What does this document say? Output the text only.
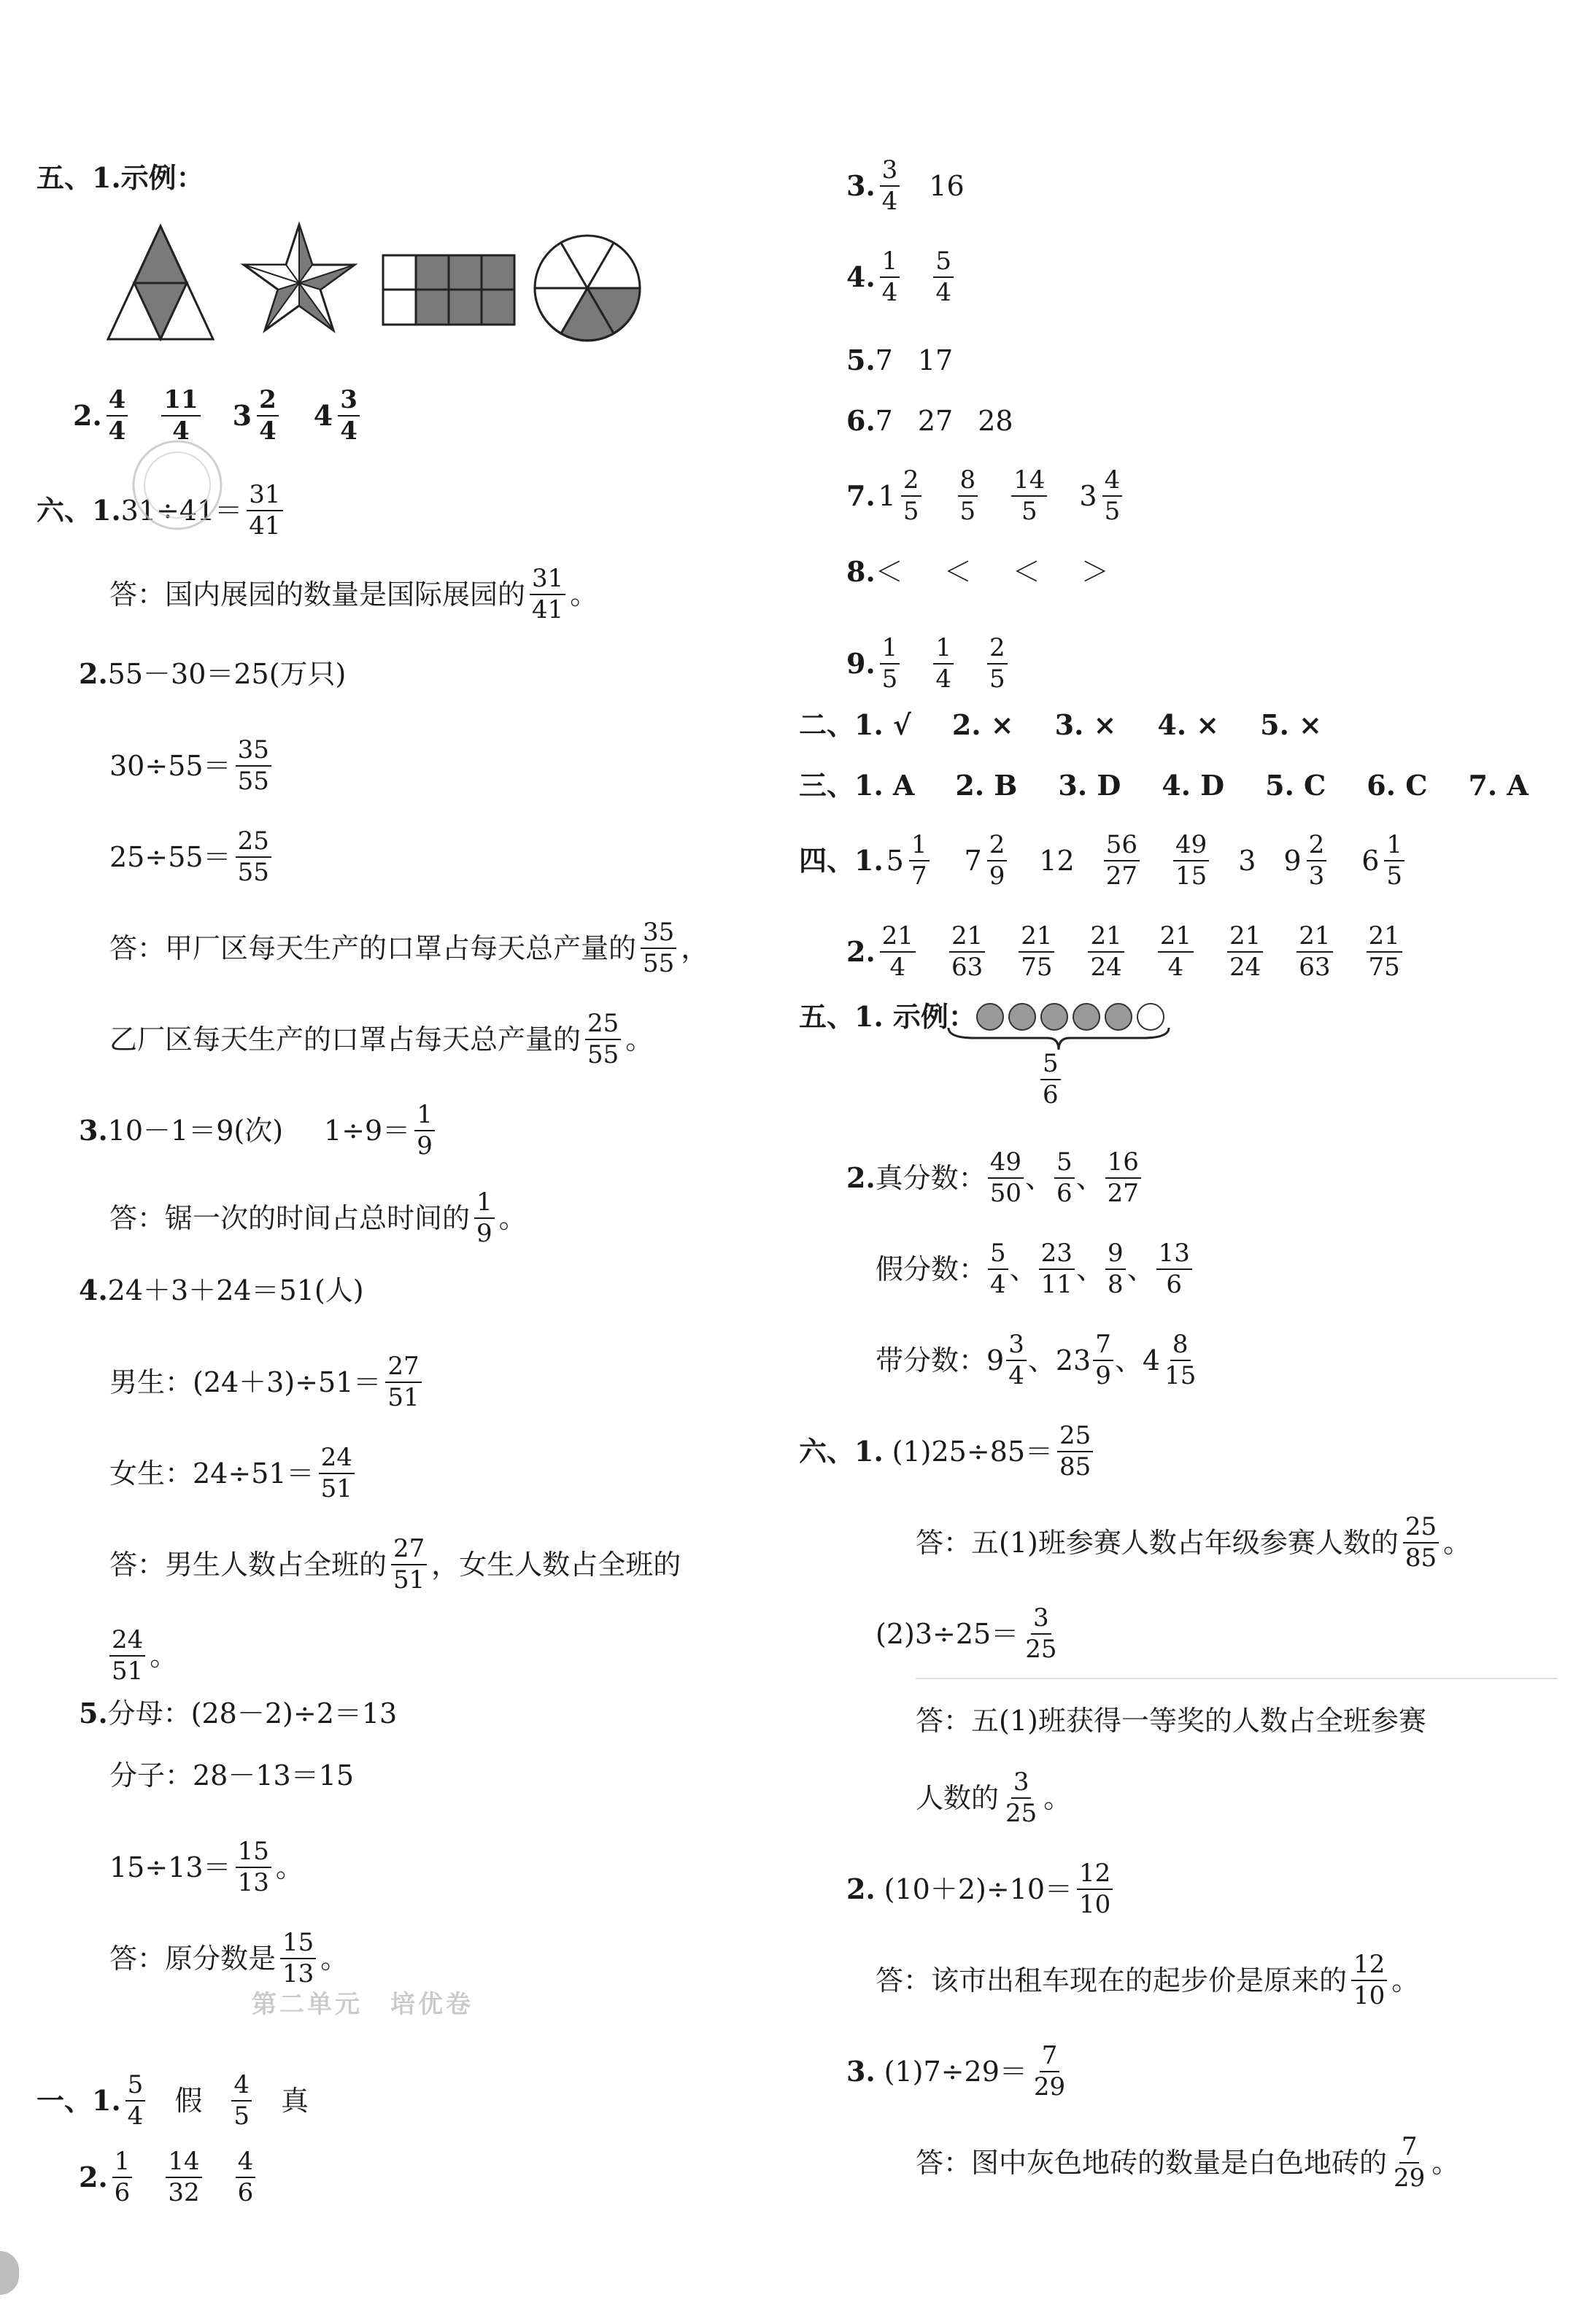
五、1.示例：
2. 4
4
11
4 3 2
4 4 3
4
六、1. 31÷41＝ 31
41
答：国内展园的数量是国际展园的 31
41 。
2. 55－30＝25(万只)
30÷55＝ 35
55
25÷55＝ 25
55
答：甲厂区每天生产的口罩占每天总产量的 35
55 ，
乙厂区每天生产的口罩占每天总产量的 25
55 。
3. 10－1＝9(次) 1÷9＝ 1
9
答：锯一次的时间占总时间的 1
9 。
4. 24＋3＋24＝51(人)
男生：(24＋3)÷51＝ 27
51
女生：24÷51＝ 24
51
答：男生人数占全班的 27
51 ，女生人数占全班的
24
51 。
5. 分母：(28－2)÷2＝13
分子：28－13＝15
15÷13＝ 15
13 。
答：原分数是 15
13 。
第二单元　培优卷
一、1. 5
4 假 4
5 真
2. 1
6
14
32
4
6
3. 3
4 16
4. 1
4
5
4
5. 7 17
6. 7 27 28
7. 1 2
5
8
5
14
5 3 4
5
8. ＜ ＜ ＜ ＞
9. 1
5
1
4
2
5
二、1. √ 2. × 3. × 4. × 5. ×
三、1. A 2. B 3. D 4. D 5. C 6. C 7. A
四、1. 5 1
7 7 2
9 12 56
27
49
15 3 9 2
3 6 1
5
2. 21
4
21
63
21
75
21
24
21
4
21
24
21
63
21
75
五、1. 示例：
5
6
2. 真分数： 49
50 、 5
6 、 16
27
假分数： 5
4 、 23
11 、 9
8 、 13
6
带分数： 9 3
4 、 23 7
9 、 4 8
15
六、1. (1)25÷85＝ 25
85
答：五(1)班参赛人数占年级参赛人数的 25
85 。
(2)3÷25＝ 3
25
答：五(1)班获得一等奖的人数占全班参赛
人数的 3
25 。
2. (10＋2)÷10＝ 12
10
答：该市出租车现在的起步价是原来的 12
10 。
3. (1)7÷29＝ 7
29
答：图中灰色地砖的数量是白色地砖的 7
29 。
